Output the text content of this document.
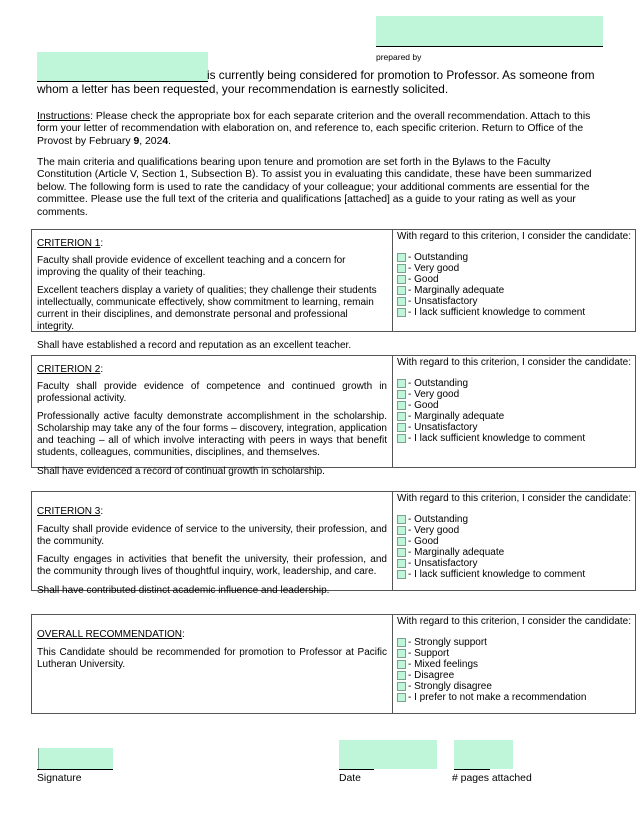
prepared by
is currently being considered for promotion to Professor. As someone from whom a letter has been requested, your recommendation is earnestly solicited.
Instructions: Please check the appropriate box for each separate criterion and the overall recommendation. Attach to this form your letter of recommendation with elaboration on, and reference to, each specific criterion. Return to Office of the Provost by February 9, 2024.
The main criteria and qualifications bearing upon tenure and promotion are set forth in the Bylaws to the Faculty Constitution (Article V, Section 1, Subsection B). To assist you in evaluating this candidate, these have been summarized below. The following form is used to rate the candidacy of your colleague; your additional comments are essential for the committee. Please use the full text of the criteria and qualifications [attached] as a guide to your rating as well as your comments.

CRITERION 1:

Faculty shall provide evidence of excellent teaching and a concern for improving the quality of their teaching.

Excellent teachers display a variety of qualities; they challenge their students intellectually, communicate effectively, show commitment to learning, remain current in their disciplines, and demonstrate personal and professional integrity.

Shall have established a record and reputation as an excellent teacher.

With regard to this criterion, I consider the candidate:
- Outstanding
- Very good
- Good
- Marginally adequate
- Unsatisfactory
- I lack sufficient knowledge to comment

CRITERION 2:

Faculty shall provide evidence of competence and continued growth in professional activity.

Professionally active faculty demonstrate accomplishment in the scholarship. Scholarship may take any of the four forms – discovery, integration, application and teaching – all of which involve interacting with peers in ways that benefit students, colleagues, communities, disciplines, and themselves.

Shall have evidenced a record of continual growth in scholarship.

With regard to this criterion, I consider the candidate:
- Outstanding
- Very good
- Good
- Marginally adequate
- Unsatisfactory
- I lack sufficient knowledge to comment

CRITERION 3:

Faculty shall provide evidence of service to the university, their profession, and the community.

Faculty engages in activities that benefit the university, their profession, and the community through lives of thoughtful inquiry, work, leadership, and care.

Shall have contributed distinct academic influence and leadership.

With regard to this criterion, I consider the candidate:
- Outstanding
- Very good
- Good
- Marginally adequate
- Unsatisfactory
- I lack sufficient knowledge to comment

OVERALL RECOMMENDATION:

This Candidate should be recommended for promotion to Professor at Pacific Lutheran University.

With regard to this criterion, I consider the candidate:
- Strongly support
- Support
- Mixed feelings
- Disagree
- Strongly disagree
- I prefer to not make a recommendation
Signature	Date	# pages attached
